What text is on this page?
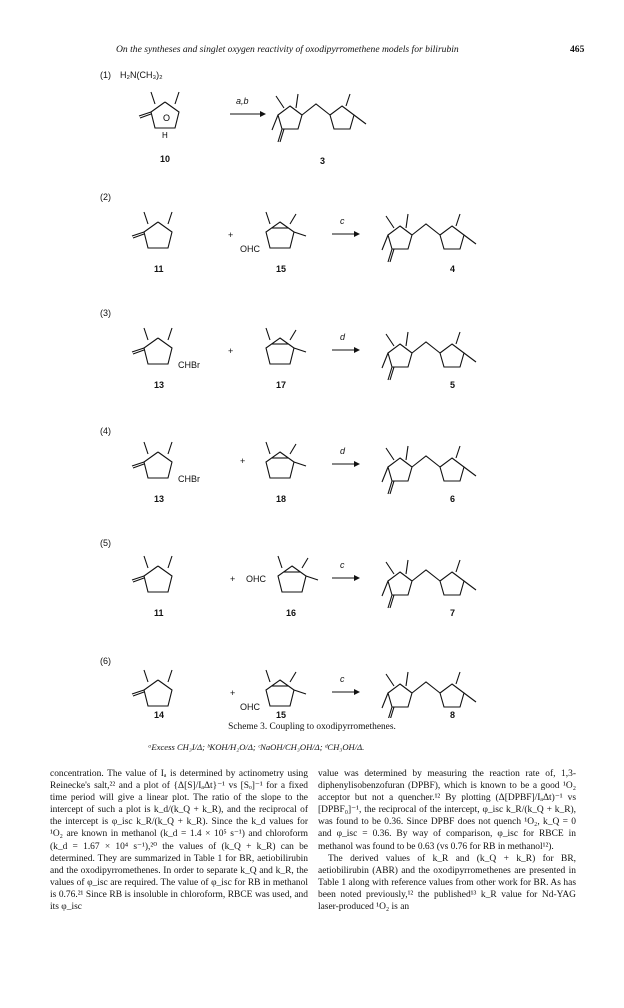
On the syntheses and singlet oxygen reactivity of oxodipyrromethene models for bilirubin	465
(1) H₂N(CH₃)₂
(2)
(3)
(4)
(5)
(6)
O
H
a,b
c
d
d
c
c
+
+
+
+
+
OHC
CHBr
CHBr
OHC
OHC
10	3
11	15	4
13	17	5
13	18	6
11	16	7
14	15	8
Scheme 3. Coupling to oxodipyrromethenes.
ᵃExcess CH₃I/Δ; ᵇKOH/H₂O/Δ; ᶜNaOH/CH₃OH/Δ; ᵈCH₃OH/Δ.

concentration. The value of Iₐ is determined by actinometry using Reinecke's salt,²² and a plot of {Δ[S]/IₐΔt}⁻¹ vs [Sₒ]⁻¹ for a fixed time period will give a linear plot. The ratio of the slope to the intercept of such a plot is k_d/(k_Q + k_R), and the reciprocal of the intercept is φ_isc k_R/(k_Q + k_R). Since the k_d values for ¹O₂ are known in methanol (k_d = 1.4 × 10⁵ s⁻¹) and chloroform (k_d = 1.67 × 10⁴ s⁻¹),²⁰ the values of (k_Q + k_R) can be determined. They are summarized in Table 1 for BR, aetiobilirubin and the oxodipyrromethenes. In order to separate k_Q and k_R, the values of φ_isc are required. The value of φ_isc for RB in methanol is 0.76.²¹ Since RB is insoluble in chloroform, RBCE was used, and its φ_isc

value was determined by measuring the reaction rate of, 1,3-diphenylisobenzofuran (DPBF), which is known to be a good ¹O₂ acceptor but not a quencher.¹² By plotting (Δ[DPBF]/IₐΔt)⁻¹ vs [DPBF₀]⁻¹, the reciprocal of the intercept, φ_isc k_R/(k_Q + k_R), was found to be 0.36. Since DPBF does not quench ¹O₂, k_Q = 0 and φ_isc = 0.36. By way of comparison, φ_isc for RBCE in methanol was found to be 0.63 (vs 0.76 for RB in methanol¹²).

The derived values of k_R and (k_Q + k_R) for BR, aetiobilirubin (ABR) and the oxodipyrromethenes are presented in Table 1 along with reference values from other work for BR. As has been noted previously,¹² the published¹³ k_R value for Nd-YAG laser-produced ¹O₂ is an
